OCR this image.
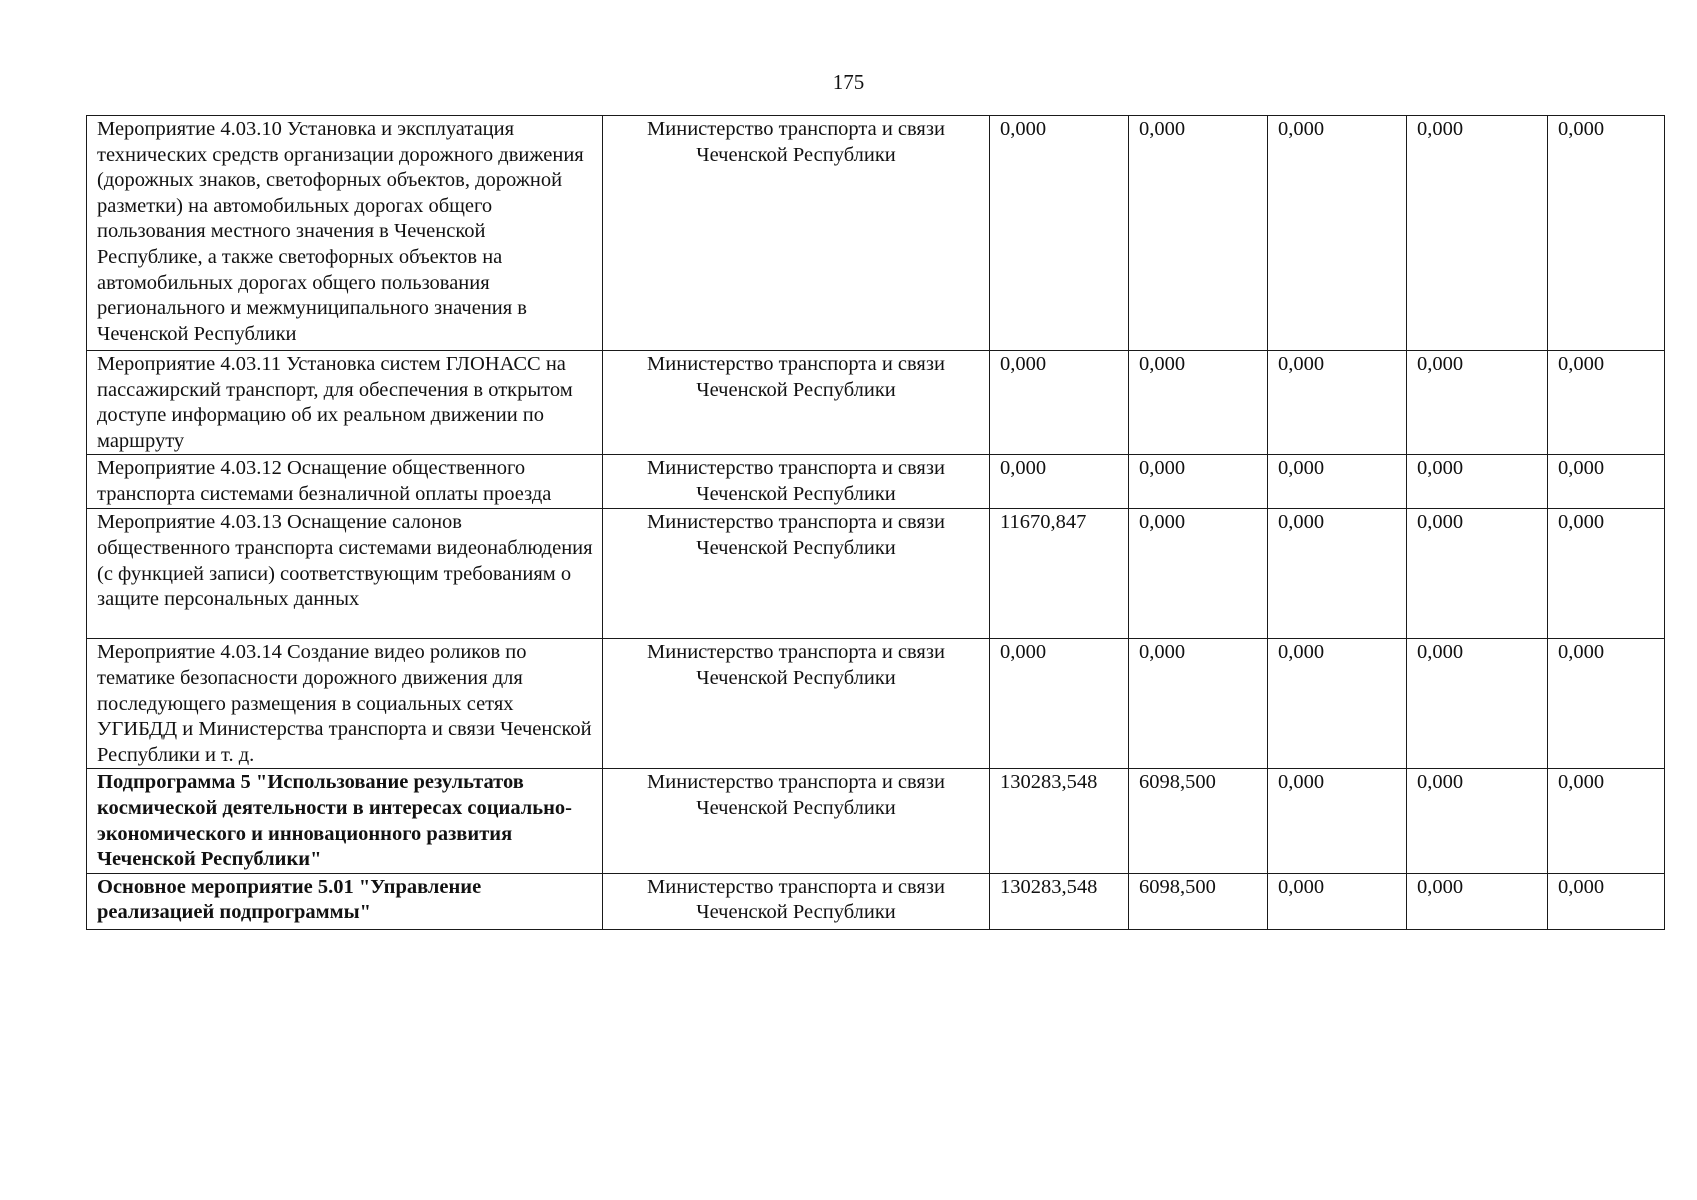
175
Мероприятие 4.03.10 Установка и эксплуатация технических средств организации дорожного движения (дорожных знаков, светофорных объектов, дорожной разметки) на автомобильных дорогах общего пользования местного значения в Чеченской Республике, а также светофорных объектов на автомобильных дорогах общего пользования регионального и межмуниципального значения в Чеченской Республики	Министерство транспорта и связи Чеченской Республики	0,000	0,000	0,000	0,000	0,000
Мероприятие 4.03.11 Установка систем ГЛОНАСС на пассажирский транспорт, для обеспечения в открытом доступе информацию об их реальном движении по маршруту	Министерство транспорта и связи Чеченской Республики	0,000	0,000	0,000	0,000	0,000
Мероприятие 4.03.12 Оснащение общественного транспорта системами безналичной оплаты проезда	Министерство транспорта и связи Чеченской Республики	0,000	0,000	0,000	0,000	0,000
Мероприятие 4.03.13 Оснащение салонов общественного транспорта системами видеонаблюдения (с функцией записи) соответствующим требованиям о защите персональных данных	Министерство транспорта и связи Чеченской Республики	11670,847	0,000	0,000	0,000	0,000
Мероприятие 4.03.14 Создание видео роликов по тематике безопасности дорожного движения для последующего размещения в социальных сетях УГИБДД и Министерства транспорта и связи Чеченской Республики и т. д.	Министерство транспорта и связи Чеченской Республики	0,000	0,000	0,000	0,000	0,000
Подпрограмма 5 "Использование результатов космической деятельности в интересах социально-экономического и инновационного развития Чеченской Республики"	Министерство транспорта и связи Чеченской Республики	130283,548	6098,500	0,000	0,000	0,000
Основное мероприятие 5.01 "Управление реализацией подпрограммы"	Министерство транспорта и связи Чеченской Республики	130283,548	6098,500	0,000	0,000	0,000
